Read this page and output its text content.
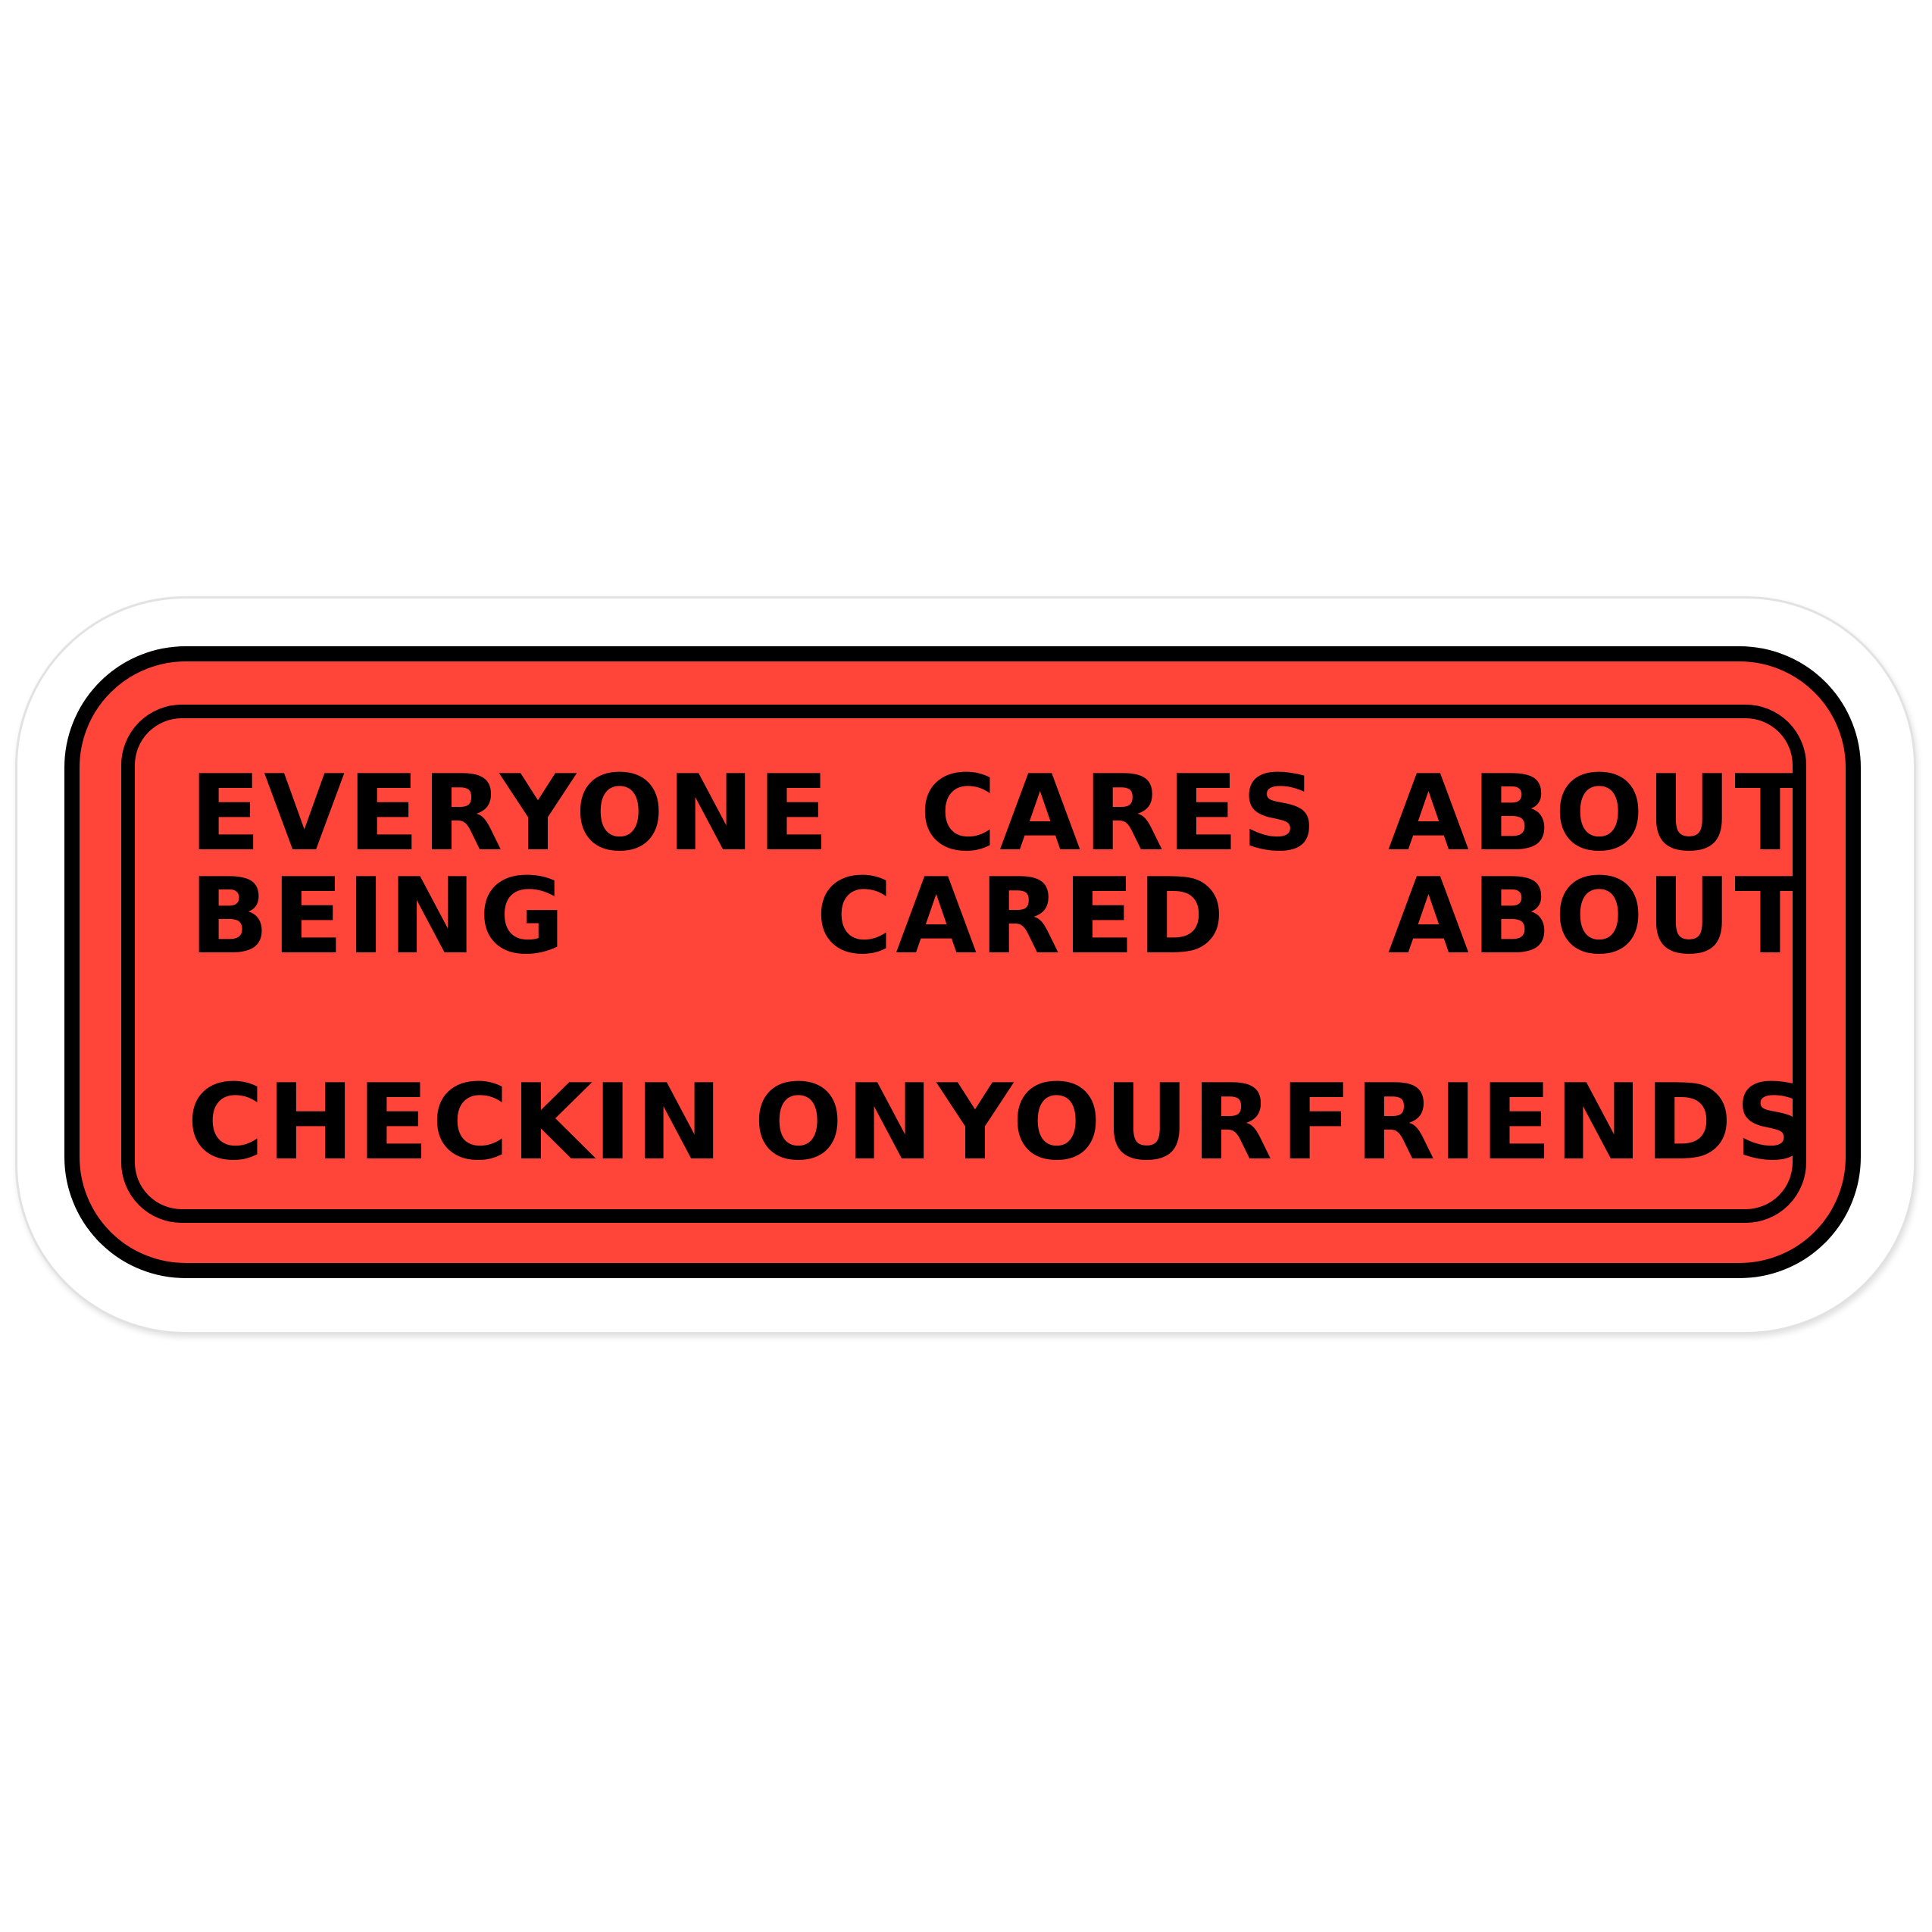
EVERYONE CARES ABOUT
BEING CARED ABOUT
CHECK
IN ON YOUR FRIENDS
